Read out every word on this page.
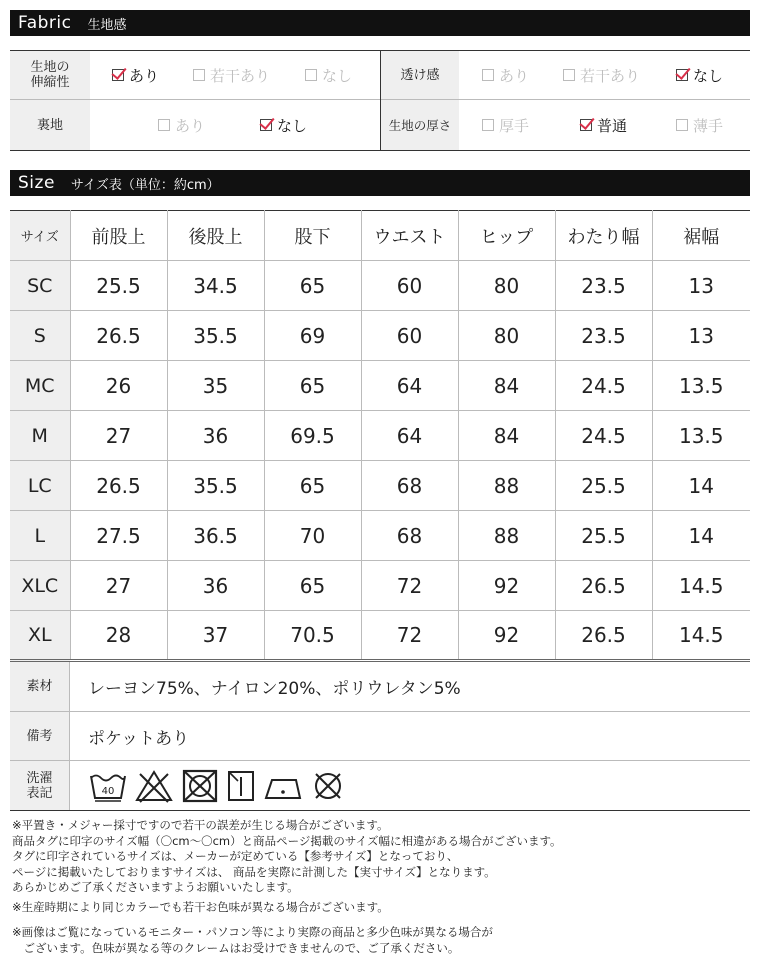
Fabric	生地感
生地の
伸縮性	あり	若干あり	なし	透け感	あり	若干あり	なし
裏地	あり	なし	生地の厚さ	厚手	普通	薄手
Size	サイズ表（単位：約cm）
サイズ	前股上	後股上	股下	ウエスト	ヒップ	わたり幅	裾幅
SC	25.5	34.5	65	60	80	23.5	13
S	26.5	35.5	69	60	80	23.5	13
MC	26	35	65	64	84	24.5	13.5
M	27	36	69.5	64	84	24.5	13.5
LC	26.5	35.5	65	68	88	25.5	14
L	27.5	36.5	70	68	88	25.5	14
XLC	27	36	65	72	92	26.5	14.5
XL	28	37	70.5	72	92	26.5	14.5
素材	レーヨン75%、ナイロン20%、ポリウレタン5%
備考	ポケットあり
洗濯
表記	40
※平置き・メジャー採寸ですので若干の誤差が生じる場合がございます。
商品タグに印字のサイズ幅（〇cm〜〇cm）と商品ページ掲載のサイズ幅に相違がある場合がございます。
タグに印字されているサイズは、メーカーが定めている【参考サイズ】となっており、
ページに掲載いたしておりますサイズは、 商品を実際に計測した【実寸サイズ】となります。
あらかじめご了承くださいますようお願いいたします。
※生産時期により同じカラーでも若干お色味が異なる場合がございます。
※画像はご覧になっているモニター・パソコン等により実際の商品と多少色味が異なる場合が
　ございます。色味が異なる等のクレームはお受けできませんので、ご了承ください。
